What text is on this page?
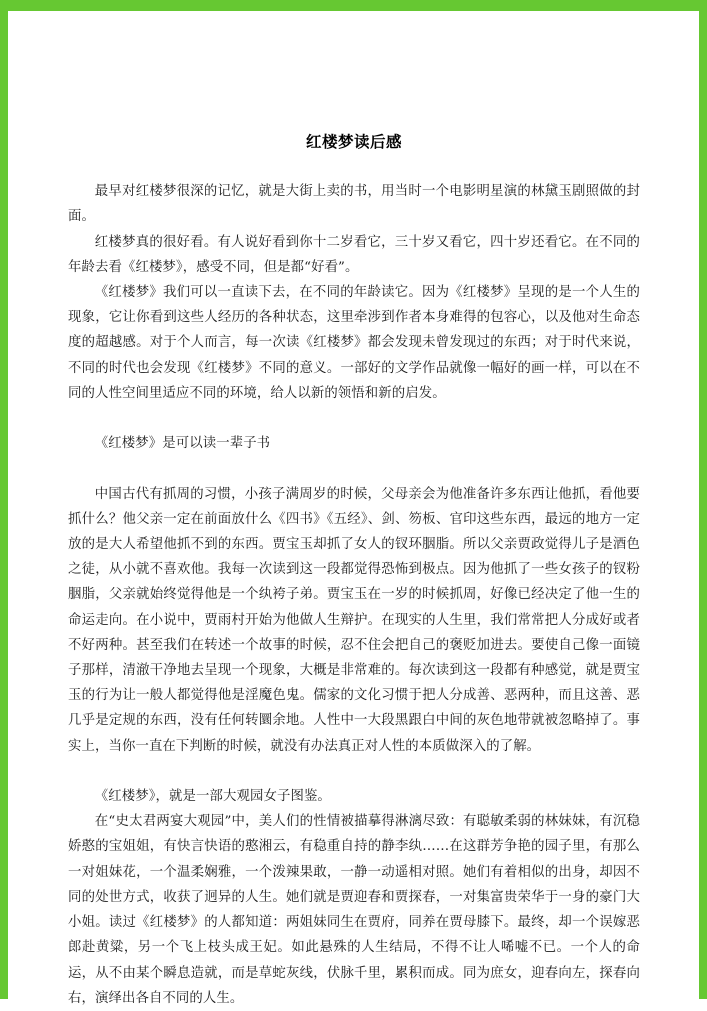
红楼梦读后感

最早对红楼梦很深的记忆，就是大街上卖的书，用当时一个电影明星演的林黛玉剧照做的封面。

红楼梦真的很好看。有人说好看到你十二岁看它，三十岁又看它，四十岁还看它。在不同的年龄去看《红楼梦》，感受不同，但是都“好看”。

《红楼梦》我们可以一直读下去，在不同的年龄读它。因为《红楼梦》呈现的是一个人生的现象，它让你看到这些人经历的各种状态，这里牵涉到作者本身难得的包容心，以及他对生命态度的超越感。对于个人而言，每一次读《红楼梦》都会发现未曾发现过的东西；对于时代来说，不同的时代也会发现《红楼梦》不同的意义。一部好的文学作品就像一幅好的画一样，可以在不同的人性空间里适应不同的环境，给人以新的领悟和新的启发。

《红楼梦》是可以读一辈子书

中国古代有抓周的习惯，小孩子满周岁的时候，父母亲会为他准备许多东西让他抓，看他要抓什么？他父亲一定在前面放什么《四书》《五经》、剑、笏板、官印这些东西，最远的地方一定放的是大人希望他抓不到的东西。贾宝玉却抓了女人的钗环胭脂。所以父亲贾政觉得儿子是酒色之徒，从小就不喜欢他。我每一次读到这一段都觉得恐怖到极点。因为他抓了一些女孩子的钗粉胭脂，父亲就始终觉得他是一个纨袴子弟。贾宝玉在一岁的时候抓周，好像已经决定了他一生的命运走向。在小说中，贾雨村开始为他做人生辩护。在现实的人生里，我们常常把人分成好或者不好两种。甚至我们在转述一个故事的时候，忍不住会把自己的褒贬加进去。要使自己像一面镜子那样，清澈干净地去呈现一个现象，大概是非常难的。每次读到这一段都有种感觉，就是贾宝玉的行为让一般人都觉得他是淫魔色鬼。儒家的文化习惯于把人分成善、恶两种，而且这善、恶几乎是定规的东西，没有任何转圜余地。人性中一大段黑跟白中间的灰色地带就被忽略掉了。事实上，当你一直在下判断的时候，就没有办法真正对人性的本质做深入的了解。

《红楼梦》，就是一部大观园女子图鉴。

在“史太君两宴大观园”中，美人们的性情被描摹得淋漓尽致：有聪敏柔弱的林妹妹，有沉稳娇憨的宝姐姐，有快言快语的憨湘云，有稳重自持的静李纨……在这群芳争艳的园子里，有那么一对姐妹花，一个温柔娴雅，一个泼辣果敢，一静一动遥相对照。她们有着相似的出身，却因不同的处世方式，收获了迥异的人生。她们就是贾迎春和贾探春，一对集富贵荣华于一身的豪门大小姐。读过《红楼梦》的人都知道：两姐妹同生在贾府，同养在贾母膝下。最终，却一个误嫁恶郎赴黄粱，另一个飞上枝头成王妃。如此悬殊的人生结局，不得不让人唏嘘不已。一个人的命运，从不由某个瞬息造就，而是草蛇灰线，伏脉千里，累积而成。同为庶女，迎春向左，探春向右，演绎出各自不同的人生。
